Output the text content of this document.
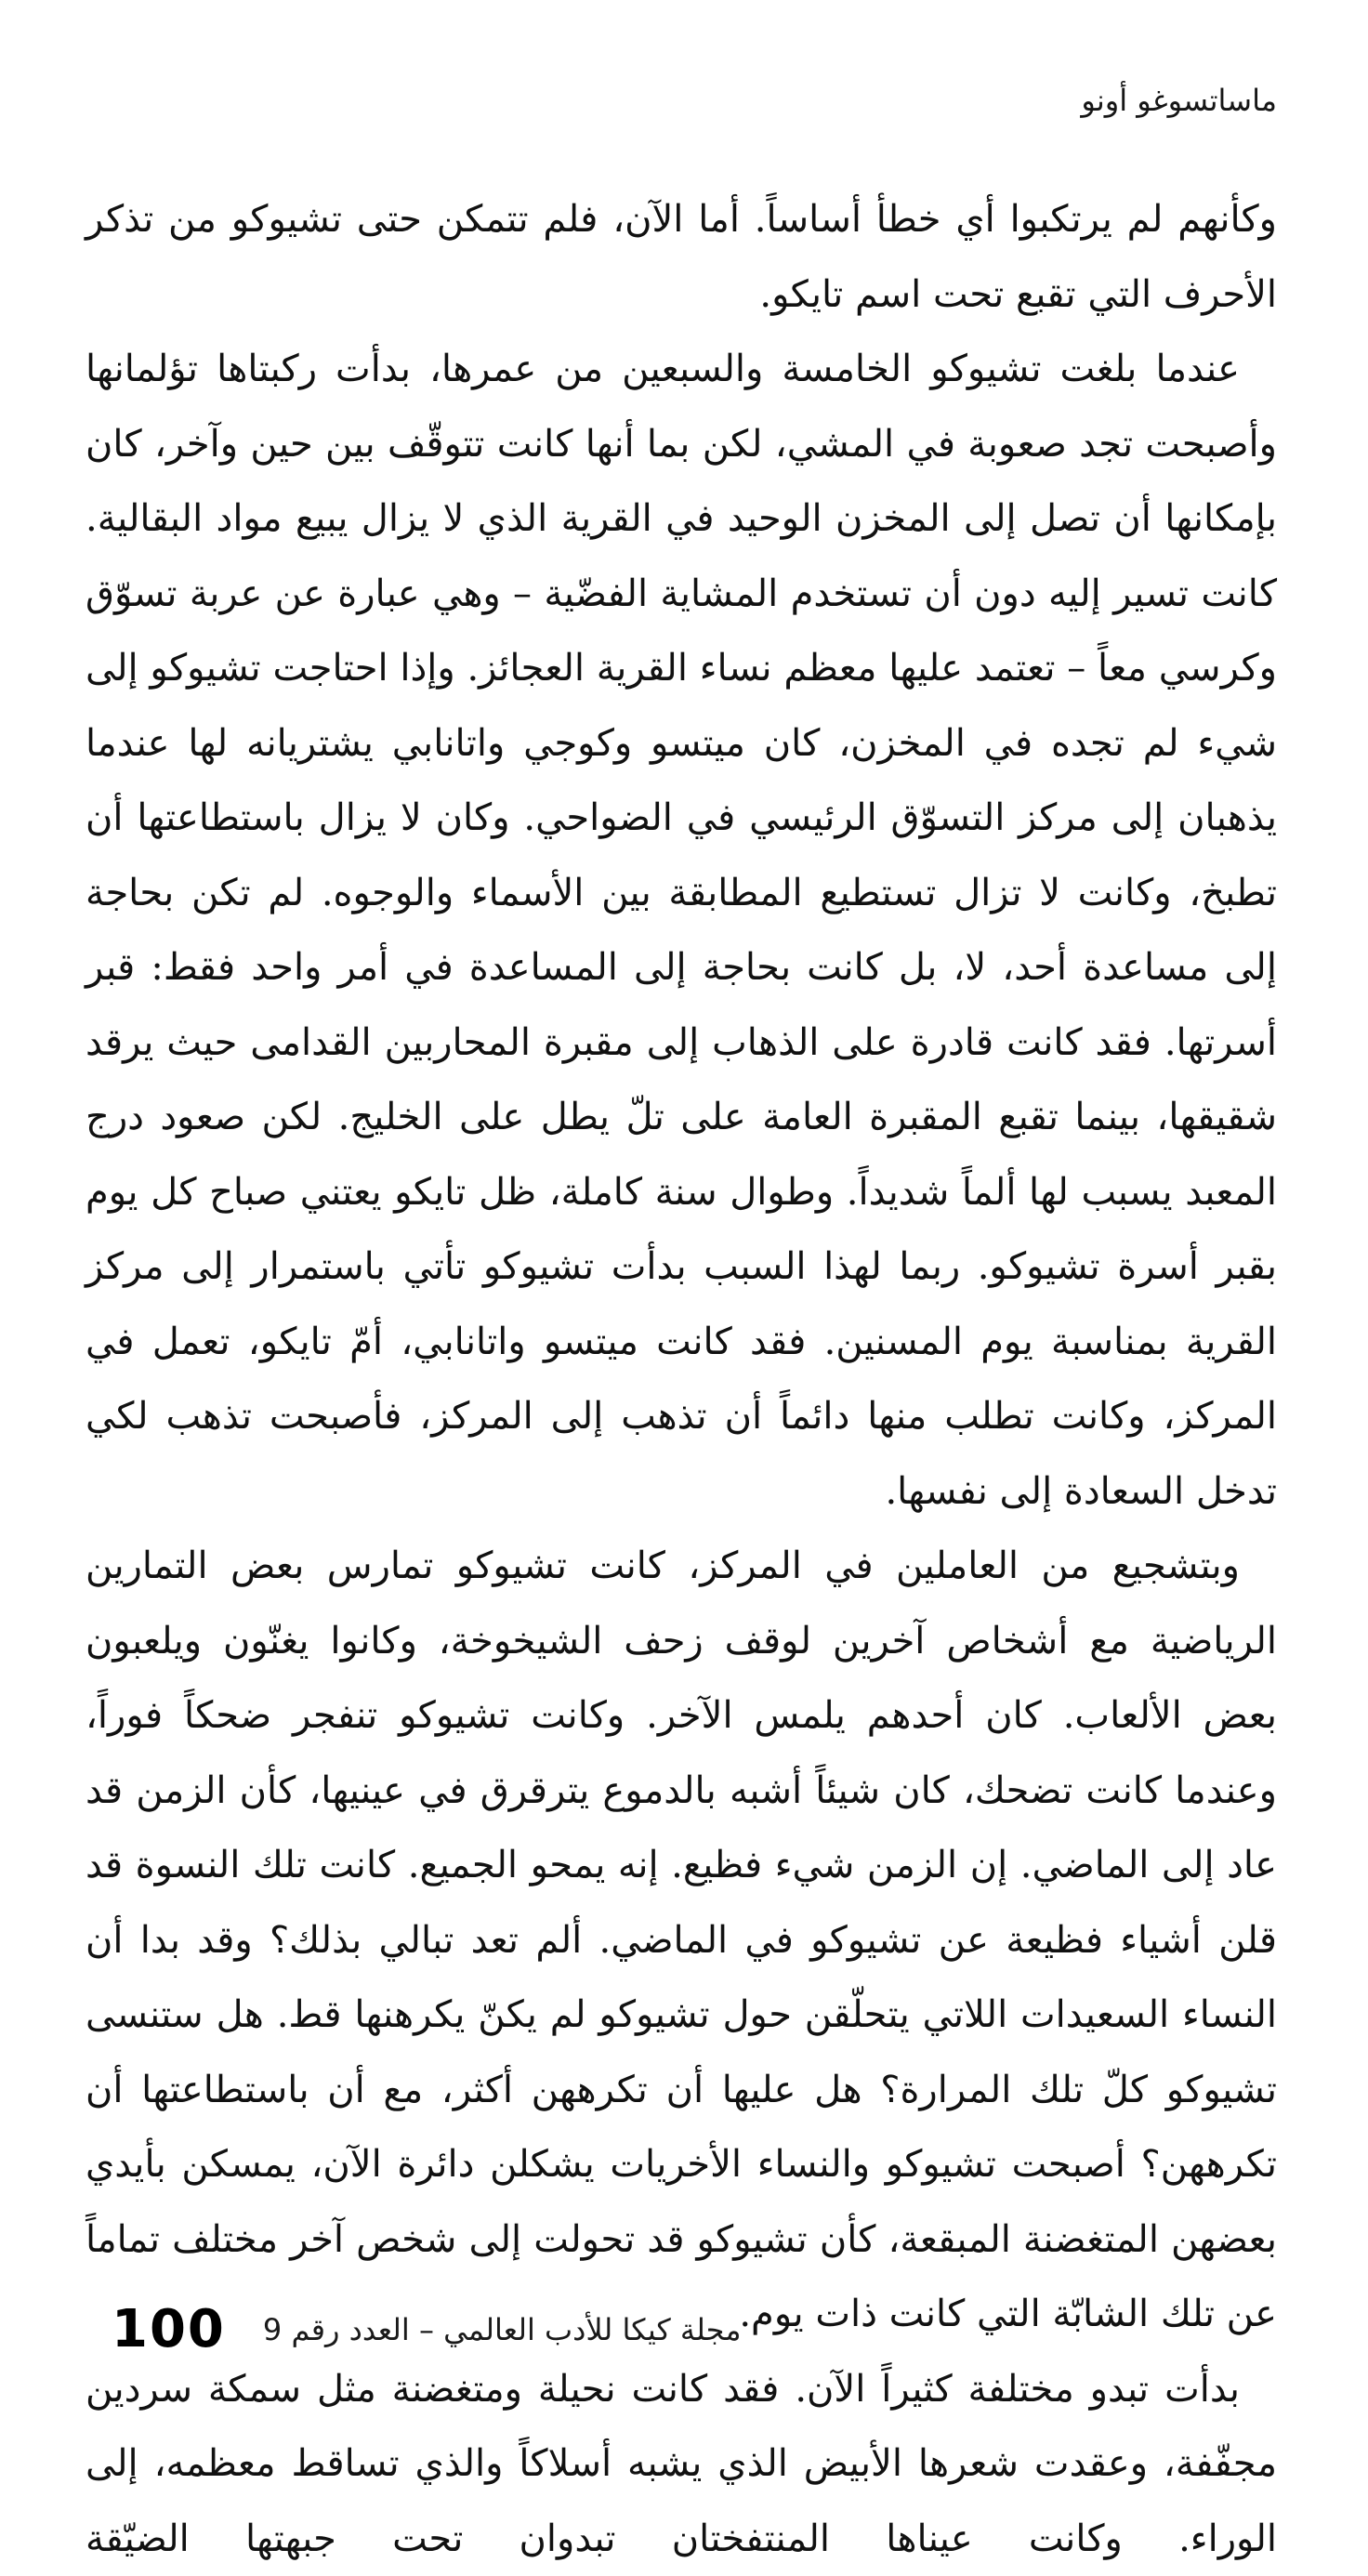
ماساتسوغو أونو

وكأنهم لم يرتكبوا أي خطأ أساساً. أما الآن، فلم تتمكن حتى تشيوكو من تذكر الأحرف التي تقبع تحت اسم تايكو.

عندما بلغت تشيوكو الخامسة والسبعين من عمرها، بدأت ركبتاها تؤلمانها وأصبحت تجد صعوبة في المشي، لكن بما أنها كانت تتوقّف بين حين وآخر، كان بإمكانها أن تصل إلى المخزن الوحيد في القرية الذي لا يزال يبيع مواد البقالية. كانت تسير إليه دون أن تستخدم المشاية الفضّية – وهي عبارة عن عربة تسوّق وكرسي معاً – تعتمد عليها معظم نساء القرية العجائز. وإذا احتاجت تشيوكو إلى شيء لم تجده في المخزن، كان ميتسو وكوجي واتانابي يشتريانه لها عندما يذهبان إلى مركز التسوّق الرئيسي في الضواحي. وكان لا يزال باستطاعتها أن تطبخ، وكانت لا تزال تستطيع المطابقة بين الأسماء والوجوه. لم تكن بحاجة إلى مساعدة أحد، لا، بل كانت بحاجة إلى المساعدة في أمر واحد فقط: قبر أسرتها. فقد كانت قادرة على الذهاب إلى مقبرة المحاربين القدامى حيث يرقد شقيقها، بينما تقبع المقبرة العامة على تلّ يطل على الخليج. لكن صعود درج المعبد يسبب لها ألماً شديداً. وطوال سنة كاملة، ظل تايكو يعتني صباح كل يوم بقبر أسرة تشيوكو. ربما لهذا السبب بدأت تشيوكو تأتي باستمرار إلى مركز القرية بمناسبة يوم المسنين. فقد كانت ميتسو واتانابي، أمّ تايكو، تعمل في المركز، وكانت تطلب منها دائماً أن تذهب إلى المركز، فأصبحت تذهب لكي تدخل السعادة إلى نفسها.

وبتشجيع من العاملين في المركز، كانت تشيوكو تمارس بعض التمارين الرياضية مع أشخاص آخرين لوقف زحف الشيخوخة، وكانوا يغنّون ويلعبون بعض الألعاب. كان أحدهم يلمس الآخر. وكانت تشيوكو تنفجر ضحكاً فوراً، وعندما كانت تضحك، كان شيئاً أشبه بالدموع يترقرق في عينيها، كأن الزمن قد عاد إلى الماضي. إن الزمن شيء فظيع. إنه يمحو الجميع. كانت تلك النسوة قد قلن أشياء فظيعة عن تشيوكو في الماضي. ألم تعد تبالي بذلك؟ وقد بدا أن النساء السعيدات اللاتي يتحلّقن حول تشيوكو لم يكنّ يكرهنها قط. هل ستنسى تشيوكو كلّ تلك المرارة؟ هل عليها أن تكرههن أكثر، مع أن باستطاعتها أن تكرههن؟ أصبحت تشيوكو والنساء الأخريات يشكلن دائرة الآن، يمسكن بأيدي بعضهن المتغضنة المبقعة، كأن تشيوكو قد تحولت إلى شخص آخر مختلف تماماً عن تلك الشابّة التي كانت ذات يوم.

بدأت تبدو مختلفة كثيراً الآن. فقد كانت نحيلة ومتغضنة مثل سمكة سردين مجفّفة، وعقدت شعرها الأبيض الذي يشبه أسلاكاً والذي تساقط معظمه، إلى الوراء. وكانت عيناها المنتفختان تبدوان تحت جبهتها الضيّقة

100 مجلة كيكا للأدب العالمي – العدد رقم 9
